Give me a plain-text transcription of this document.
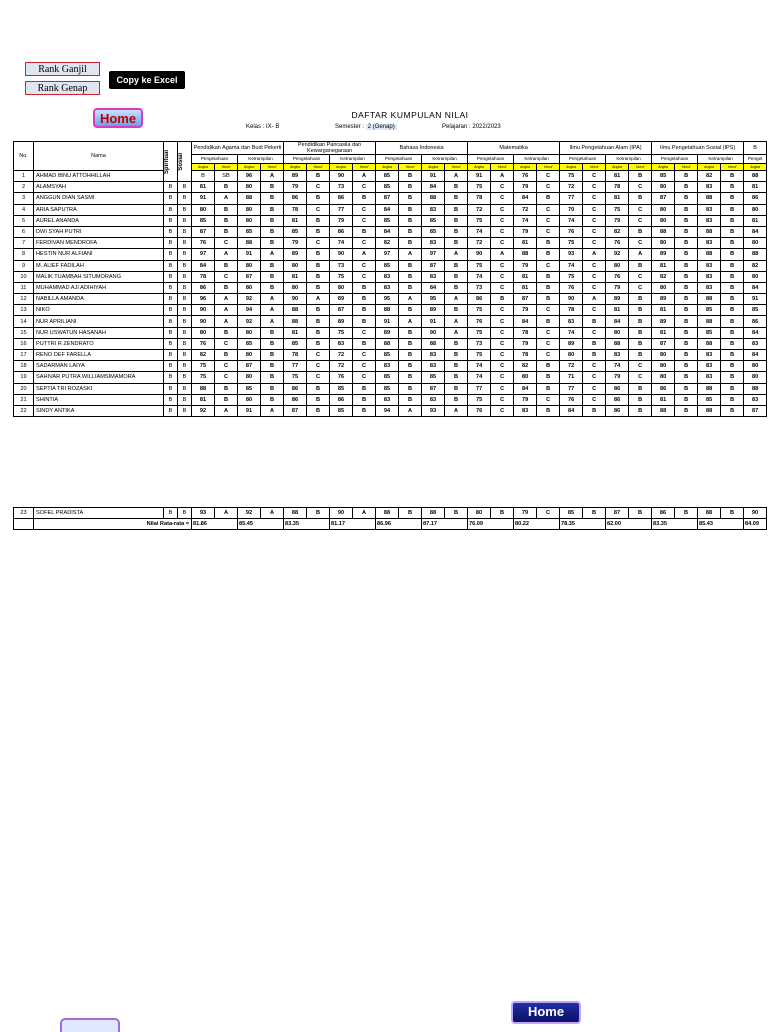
Rank Ganjil
Rank Genap
Copy ke Excel
Home	DAFTAR KUMPULAN NILAI
Kelas : IX- B	Semester : 2 (Genap)	Pelajaran : 2022/2023
No.	Nama	Spiritual	Sosial	Pendidikan Agama dan Budi Pekerti				Pendidikan Pancasila dan Kewarganegaraan				Bahasa Indonesia				Matematika				Ilmu Pengetahuan Alam (IPA)				Ilmu Pengetahuan Sosial (IPS)				B	
				Pengetahuan		Ketrampilan		Pengetahuan		Ketrampilan		Pengetahuan		Ketrampilan		Pengetahuan		Ketrampilan		Pengetahuan		Ketrampilan		Pengetahuan		Ketrampilan		Penget	
				Angka	Huruf	Angka	Huruf	Angka	Huruf	Angka	Huruf	Angka	Huruf	Angka	Huruf	Angka	Huruf	Angka	Huruf	Angka	Huruf	Angka	Huruf	Angka	Huruf	Angka	Huruf	Angka	
1	AHMAD IBNU ATTOHHILLAH			B	SB	96	A	89	B	90	A	85	B	91	A	91	A	76	C	75	C	81	B	85	B	82	B	88		
2	ALAMSYAH	B	B	81	B	80	B	79	C	73	C	85	B	84	B	75	C	79	C	72	C	78	C	80	B	83	B	81	
3	ANGGUN DIAN SASMI	B	B	91	A	88	B	86	B	86	B	87	B	88	B	78	C	84	B	77	C	81	B	87	B	88	B	86	
4	ARIA SAPUTRA	B	B	80	B	80	B	78	C	77	C	84	B	83	B	72	C	72	C	70	C	75	C	80	B	83	B	80	
5	AUREL ANANDA	B	B	85	B	80	B	81	B	79	C	85	B	85	B	75	C	74	C	74	C	79	C	80	B	83	B	81	
6	DWI SYAH PUTRI	B	B	87	B	85	B	85	B	86	B	84	B	85	B	74	C	79	C	76	C	82	B	88	B	88	B	84	
7	FERDIVAN MENDROFA	B	B	76	C	88	B	79	C	74	C	82	B	83	B	72	C	81	B	75	C	76	C	80	B	83	B	80	
8	HESTIN NUR ALFIANI	B	B	97	A	91	A	89	B	90	A	97	A	97	A	90	A	88	B	93	A	92	A	89	B	88	B	88	
9	M. ALIEF FADILAH	B	B	84	B	80	B	80	B	73	C	85	B	87	B	75	C	79	C	74	C	80	B	81	B	83	B	82	
10	MALIK TUAMBAH SITUMORANG	B	B	78	C	87	B	81	B	75	C	83	B	83	B	74	C	81	B	75	C	76	C	82	B	83	B	80	
11	MUHAMMAD AJI ADIHIYAH	B	B	86	B	80	B	80	B	80	B	83	B	84	B	73	C	81	B	76	C	79	C	80	B	83	B	84	
12	NABILLA AMANDA	B	B	96	A	92	A	90	A	89	B	95	A	95	A	86	B	87	B	90	A	89	B	89	B	88	B	91	
13	NIKO	B	B	90	A	94	A	88	B	87	B	88	B	89	B	75	C	79	C	78	C	81	B	81	B	85	B	85	
14	NUR APRILIANI	B	B	90	A	92	A	88	B	89	B	91	A	91	A	76	C	84	B	83	B	84	B	89	B	88	B	86	
15	NUR USWATUN HASANAH	B	B	80	B	80	B	81	B	75	C	89	B	90	A	75	C	78	C	74	C	80	B	81	B	85	B	84	
16	PUTTRI R ZENDRATO	B	B	76	C	85	B	85	B	83	B	88	B	88	B	73	C	79	C	89	B	88	B	87	B	88	B	83	
17	RENO DEF FARELLA	B	B	82	B	80	B	78	C	72	C	85	B	83	B	75	C	78	C	80	B	83	B	80	B	83	B	84	
18	SADARMAN LAIYA	B	B	75	C	87	B	77	C	72	C	83	B	83	B	74	C	82	B	72	C	74	C	80	B	83	B	80	
19	SAHIVAR PUTRA WILLIAMSIMAMORA	B	B	75	C	80	B	75	C	76	C	85	B	85	B	74	C	80	B	71	C	79	C	80	B	83	B	80	
20	SEPTIA TRI ROZASKI	B	B	88	B	85	B	86	B	85	B	85	B	87	B	77	C	84	B	77	C	86	B	86	B	88	B	88	
21	SHINTIA	B	B	81	B	80	B	86	B	86	B	83	B	83	B	75	C	79	C	76	C	86	B	81	B	85	B	83	
22	SINDY ANTIKA	B	B	92	A	91	A	87	B	85	B	94	A	93	A	76	C	83	B	84	B	86	B	88	B	88	B	87	
23	SOFEL PRADISTA	B	B	93	A	92	A	88	B	90	A	88	B	88	B	80	B	79	C	85	B	87	B	86	B	88	B	90
	Nilai Rata-rata =			81.86		85.45		83.35		81.17		86.96		87.17		76.09		80.22		78.35		82.00		83.35		85.43		84.09
Home
